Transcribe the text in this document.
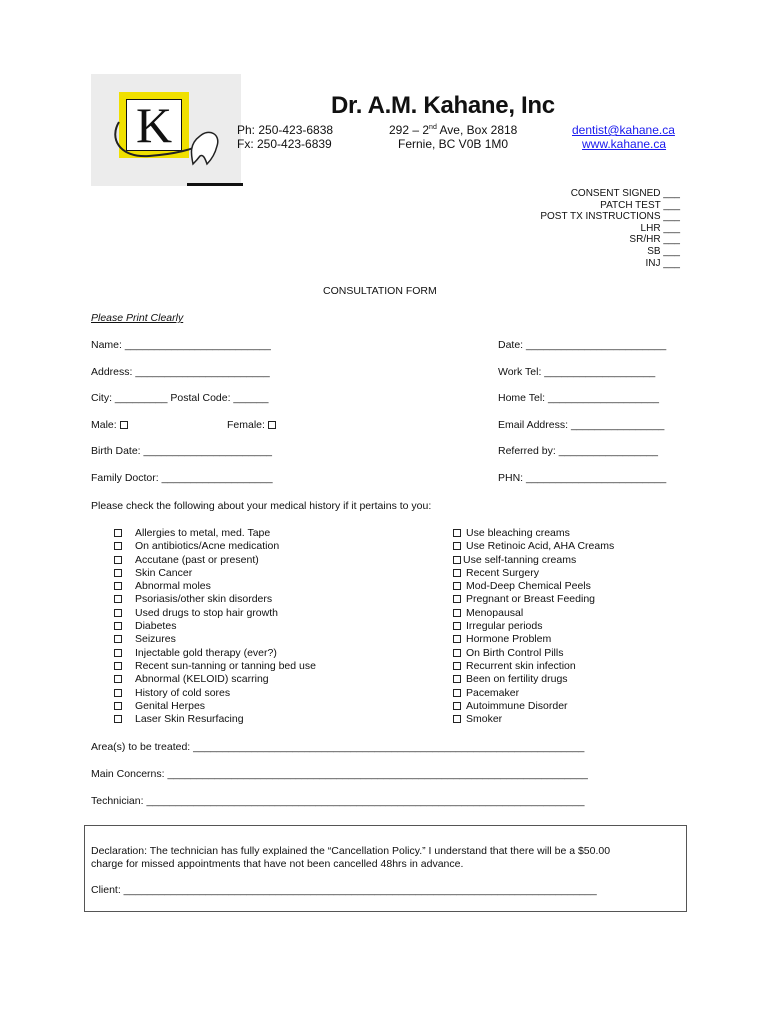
K	Dr. A.M. Kahane, Inc
Ph: 250-423-6838
Fx: 250-423-6839
292 – 2nd Ave, Box 2818
Fernie, BC V0B 1M0
dentist@kahane.ca
www.kahane.ca
CONSENT SIGNED ___
PATCH TEST ___
POST TX INSTRUCTIONS ___
LHR ___
SR/HR ___
SB ___
INJ ___
CONSULTATION FORM
Please Print Clearly
Name: _________________________	Date: ________________________
Address: _______________________	Work Tel: ___________________
City: _________ Postal Code: ______	Home Tel: ___________________
Male:	Female:	Email Address: ________________
Birth Date: ______________________	Referred by: _________________
Family Doctor: ___________________	PHN: ________________________
Please check the following about your medical history if it pertains to you:
Allergies to metal, med. Tape
On antibiotics/Acne medication
Accutane (past or present)
Skin Cancer
Abnormal moles
Psoriasis/other skin disorders
Used drugs to stop hair growth
Diabetes
Seizures
Injectable gold therapy (ever?)
Recent sun-tanning or tanning bed use
Abnormal (KELOID) scarring
History of cold sores
Genital Herpes
Laser Skin Resurfacing
Use bleaching creams
Use Retinoic Acid, AHA Creams
Use self-tanning creams
Recent Surgery
Mod-Deep Chemical Peels
Pregnant or Breast Feeding
Menopausal
Irregular periods
Hormone Problem
On Birth Control Pills
Recurrent skin infection
Been on fertility drugs
Pacemaker
Autoimmune Disorder
Smoker
Area(s) to be treated: ___________________________________________________________________
Main Concerns: ________________________________________________________________________
Technician: ___________________________________________________________________________
Declaration: The technician has fully explained the “Cancellation Policy.” I understand that there will be a $50.00
charge for missed appointments that have not been cancelled 48hrs in advance.
Client: _________________________________________________________________________________
